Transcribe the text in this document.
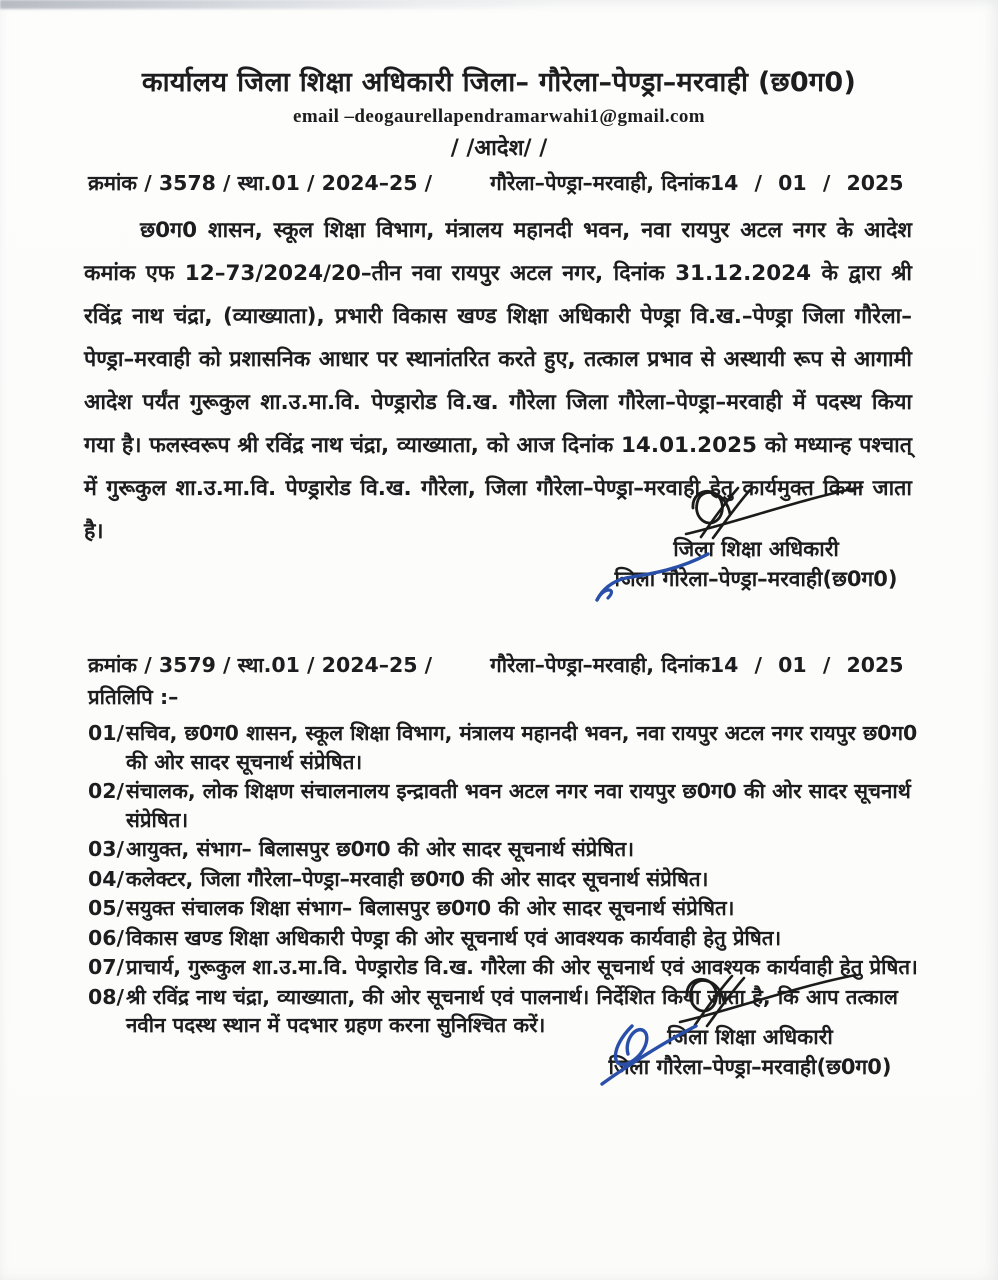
कार्यालय जिला शिक्षा अधिकारी जिला– गौरेला–पेण्ड्रा–मरवाही (छ0ग0)
email –deogaurellapendramarwahi1@gmail.com
/ /आदेश/ /
क्रमांक / 3578 / स्था.01 / 2024–25 /	गौरेला–पेण्ड्रा–मरवाही, दिनांक 14 / 01 / 2025

छ0ग0 शासन, स्कूल शिक्षा विभाग, मंत्रालय महानदी भवन, नवा रायपुर अटल नगर के आदेश कमांक एफ 12–73/2024/20–तीन नवा रायपुर अटल नगर, दिनांक 31.12.2024 के द्वारा श्री रविंद्र नाथ चंद्रा, (व्याख्याता), प्रभारी विकास खण्ड शिक्षा अधिकारी पेण्ड्रा वि.ख.–पेण्ड्रा जिला गौरेला–पेण्ड्रा–मरवाही को प्रशासनिक आधार पर स्थानांतरित करते हुए, तत्काल प्रभाव से अस्थायी रूप से आगामी आदेश पर्यंत गुरूकुल शा.उ.मा.वि. पेण्ड्रारोड वि.ख. गौरेला जिला गौरेला–पेण्ड्रा–मरवाही में पदस्थ किया गया है। फलस्वरूप श्री रविंद्र नाथ चंद्रा, व्याख्याता, को आज दिनांक 14.01.2025 को मध्यान्ह पश्चात् में गुरूकुल शा.उ.मा.वि. पेण्ड्रारोड वि.ख. गौरेला, जिला गौरेला–पेण्ड्रा–मरवाही हेतु कार्यमुक्त किया जाता है।

जिला शिक्षा अधिकारी
जिला गौरेला–पेण्ड्रा–मरवाही(छ0ग0)
क्रमांक / 3579 / स्था.01 / 2024–25 /	गौरेला–पेण्ड्रा–मरवाही, दिनांक 14 / 01 / 2025
प्रतिलिपि :–
01/ सचिव, छ0ग0 शासन, स्कूल शिक्षा विभाग, मंत्रालय महानदी भवन, नवा रायपुर अटल नगर रायपुर छ0ग0 की ओर सादर सूचनार्थ संप्रेषित।
02/ संचालक, लोक शिक्षण संचालनालय इन्द्रावती भवन अटल नगर नवा रायपुर छ0ग0 की ओर सादर सूचनार्थ संप्रेषित।
03/ आयुक्त, संभाग– बिलासपुर छ0ग0 की ओर सादर सूचनार्थ संप्रेषित।
04/ कलेक्टर, जिला गौरेला–पेण्ड्रा–मरवाही छ0ग0 की ओर सादर सूचनार्थ संप्रेषित।
05/ सयुक्त संचालक शिक्षा संभाग– बिलासपुर छ0ग0 की ओर सादर सूचनार्थ संप्रेषित।
06/ विकास खण्ड शिक्षा अधिकारी पेण्ड्रा की ओर सूचनार्थ एवं आवश्यक कार्यवाही हेतु प्रेषित।
07/ प्राचार्य, गुरूकुल शा.उ.मा.वि. पेण्ड्रारोड वि.ख. गौरेला की ओर सूचनार्थ एवं आवश्यक कार्यवाही हेतु प्रेषित।
08/ श्री रविंद्र नाथ चंद्रा, व्याख्याता, की ओर सूचनार्थ एवं पालनार्थ। निर्देशित किया जाता है, कि आप तत्काल नवीन पदस्थ स्थान में पदभार ग्रहण करना सुनिश्चित करें।	जिला शिक्षा अधिकारी
जिला गौरेला–पेण्ड्रा–मरवाही(छ0ग0)
